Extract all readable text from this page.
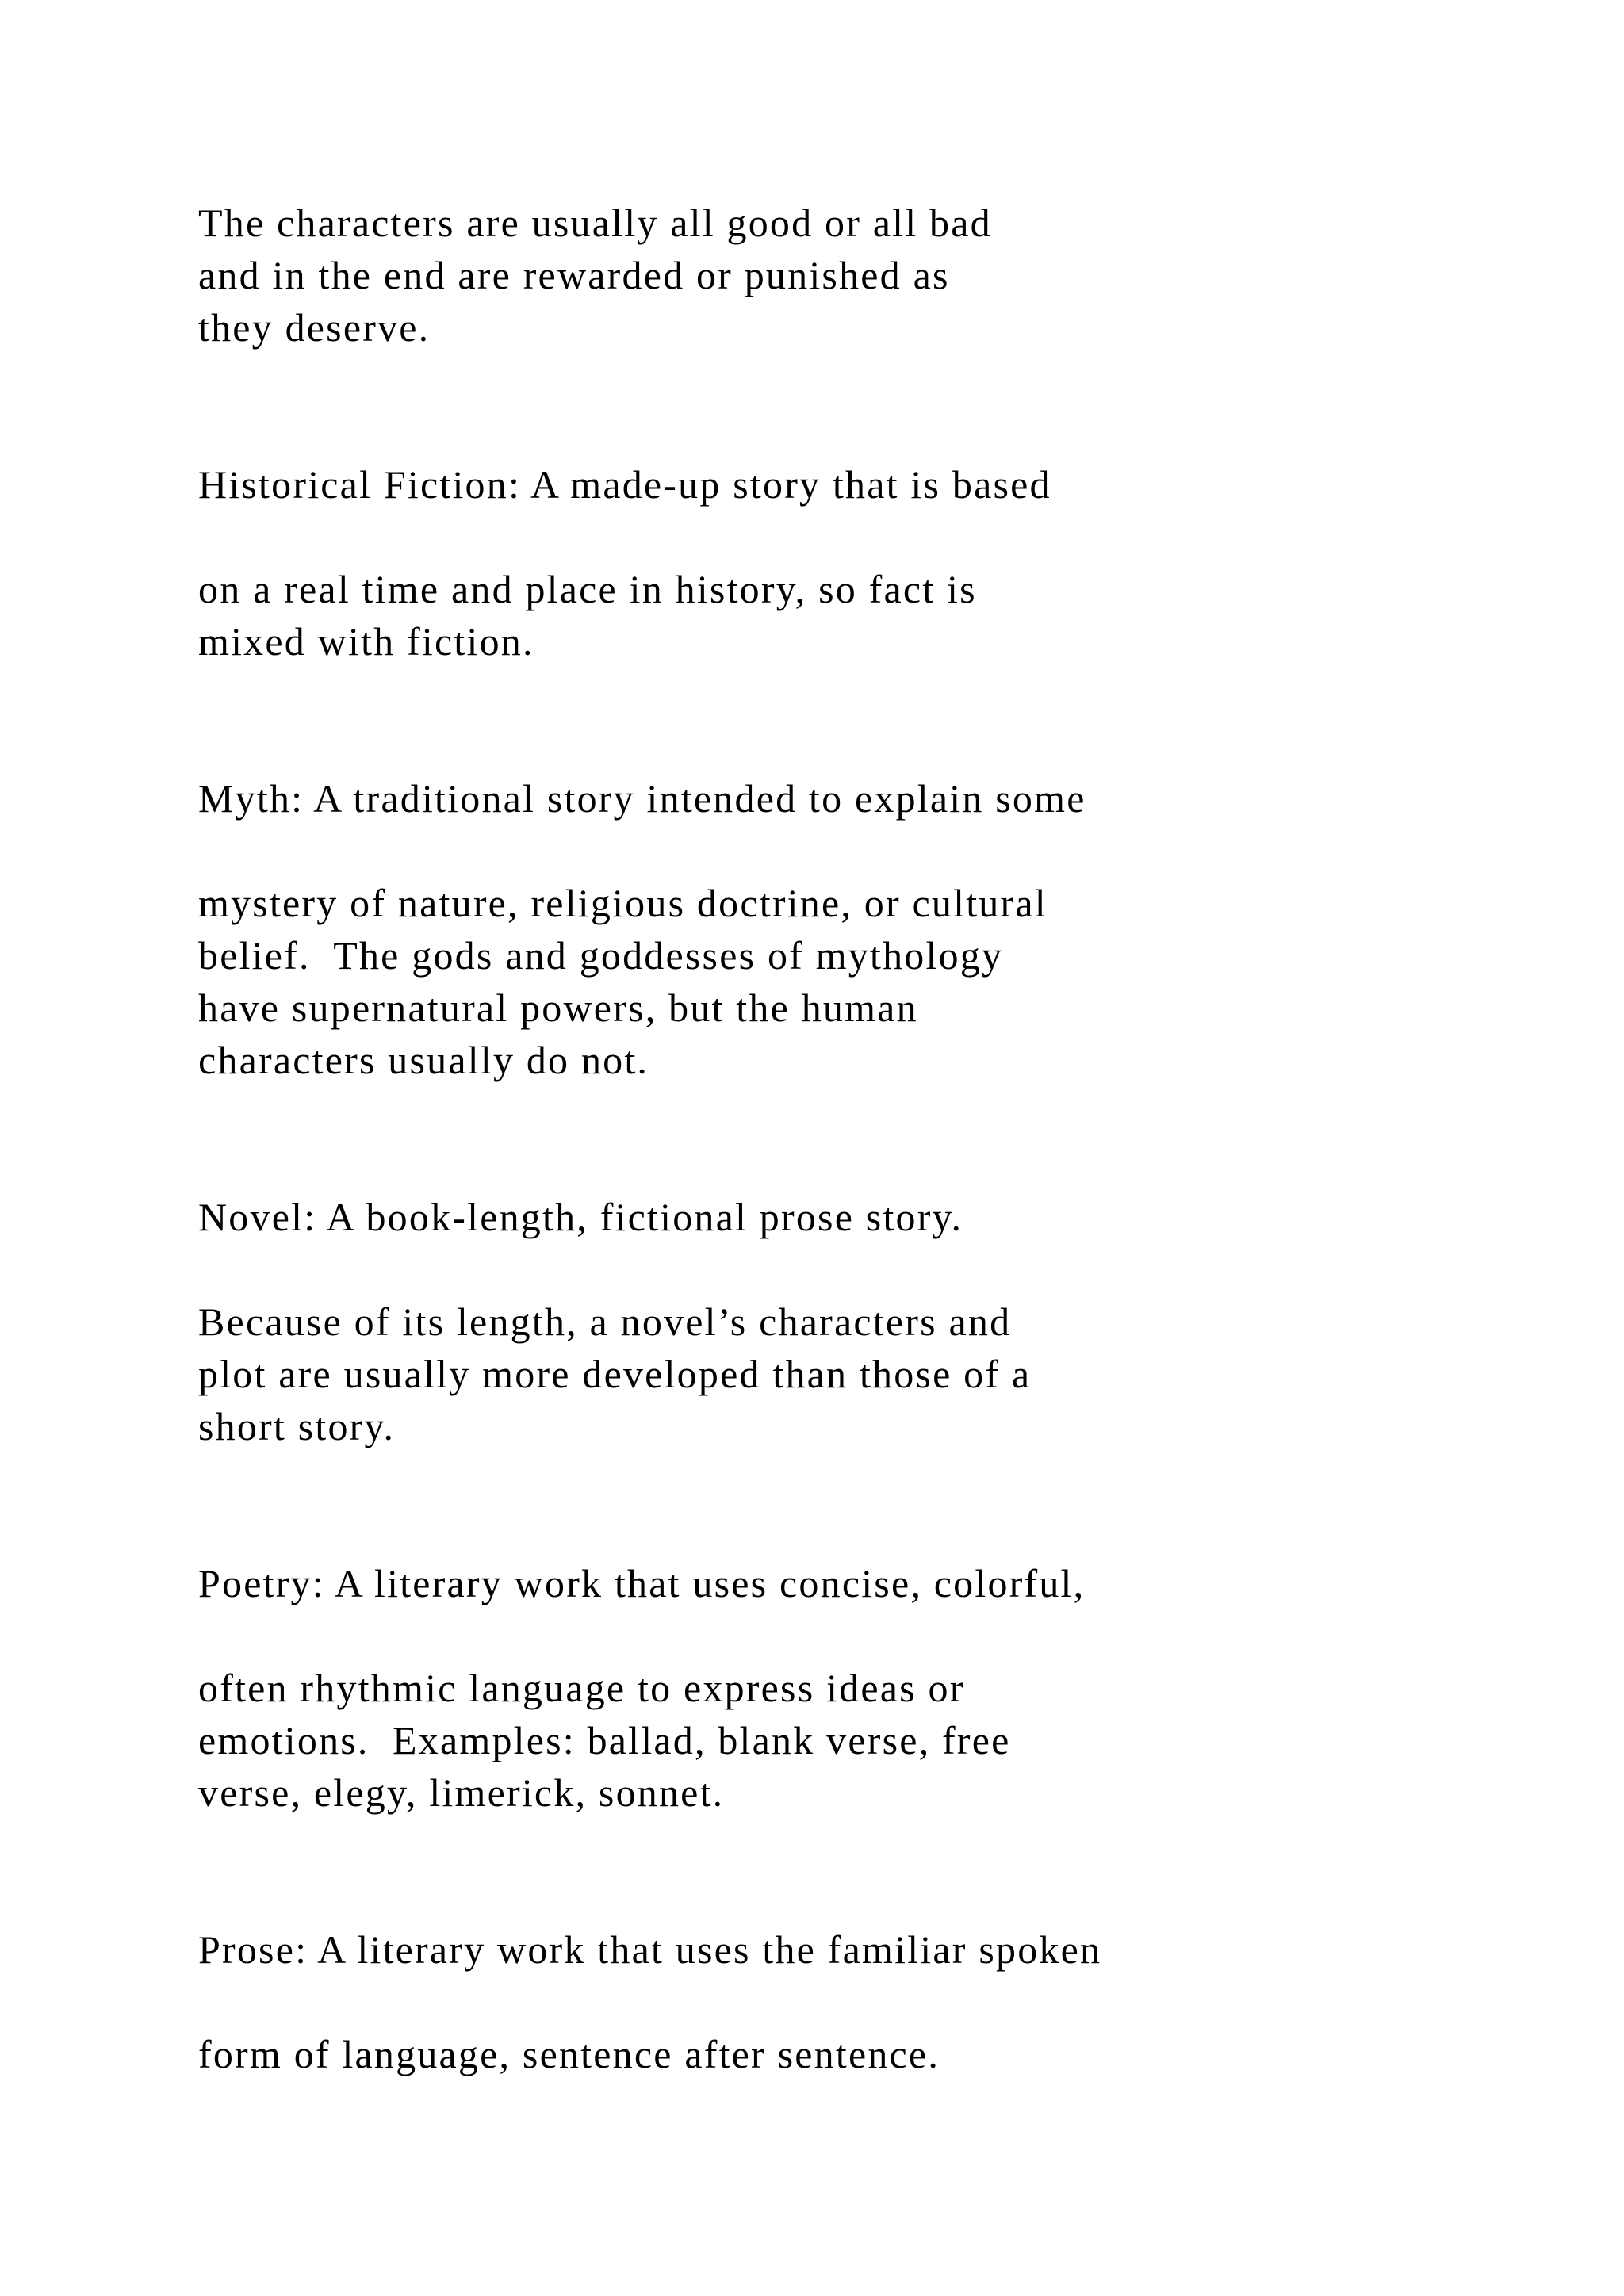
The characters are usually all good or all bad
and in the end are rewarded or punished as
they deserve.
Historical Fiction: A made-up story that is based
on a real time and place in history, so fact is
mixed with fiction.
Myth: A traditional story intended to explain some
mystery of nature, religious doctrine, or cultural
belief.  The gods and goddesses of mythology
have supernatural powers, but the human
characters usually do not.
Novel: A book-length, fictional prose story.
Because of its length, a novel’s characters and
plot are usually more developed than those of a
short story.
Poetry: A literary work that uses concise, colorful,
often rhythmic language to express ideas or
emotions.  Examples: ballad, blank verse, free
verse, elegy, limerick, sonnet.
Prose: A literary work that uses the familiar spoken
form of language, sentence after sentence.
